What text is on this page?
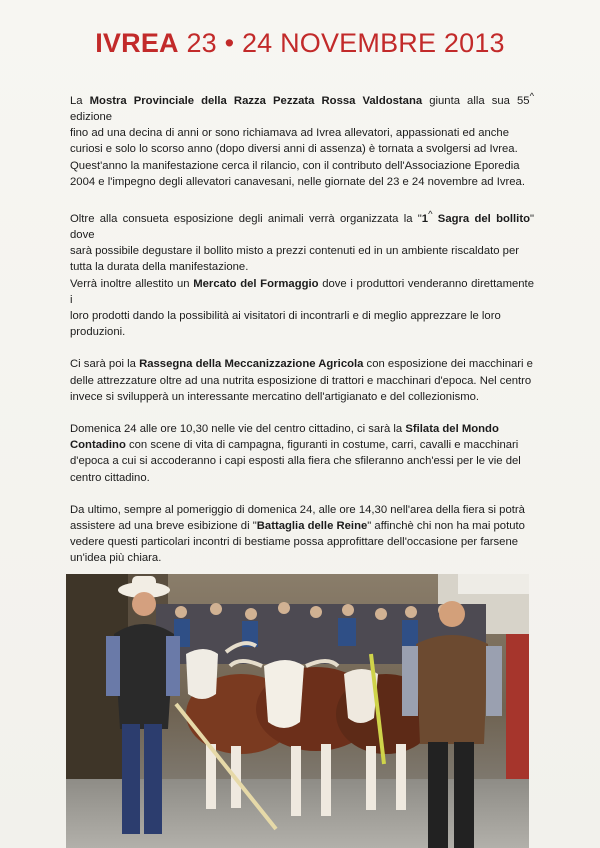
IVREA 23 • 24 NOVEMBRE 2013
La Mostra Provinciale della Razza Pezzata Rossa Valdostana giunta alla sua 55^ edizione
fino ad una decina di anni or sono richiamava ad Ivrea allevatori, appassionati ed anche
curiosi e solo lo scorso anno (dopo diversi anni di assenza) è tornata a svolgersi ad Ivrea.
Quest'anno la manifestazione cerca il rilancio, con il contributo dell'Associazione Eporedia
2004 e l'impegno degli allevatori canavesani, nelle giornate del 23 e 24 novembre ad Ivrea.
Oltre alla consueta esposizione degli animali verrà organizzata la "1^ Sagra del bollito" dove
sarà possibile degustare il bollito misto a prezzi contenuti ed in un ambiente riscaldato per
tutta la durata della manifestazione.
Verrà inoltre allestito un Mercato del Formaggio dove i produttori venderanno direttamente i
loro prodotti dando la possibilità ai visitatori di incontrarli e di meglio apprezzare le loro
produzioni.
Ci sarà poi la Rassegna della Meccanizzazione Agricola con esposizione dei macchinari e
delle attrezzature oltre ad una nutrita esposizione di trattori e macchinari d'epoca. Nel centro
invece si svilupperà un interessante mercatino dell'artigianato e del collezionismo.
Domenica 24 alle ore 10,30 nelle vie del centro cittadino, ci sarà la Sfilata del Mondo
Contadino con scene di vita di campagna, figuranti in costume, carri, cavalli e macchinari
d'epoca a cui si accoderanno i capi esposti alla fiera che sfileranno anch'essi per le vie del
centro cittadino.
Da ultimo, sempre al pomeriggio di domenica 24, alle ore 14,30 nell'area della fiera si potrà
assistere ad una breve esibizione di "Battaglia delle Reine" affinchè chi non ha mai potuto
vedere questi particolari incontri di bestiame possa approfittare dell'occasione per farsene
un'idea più chiara.
